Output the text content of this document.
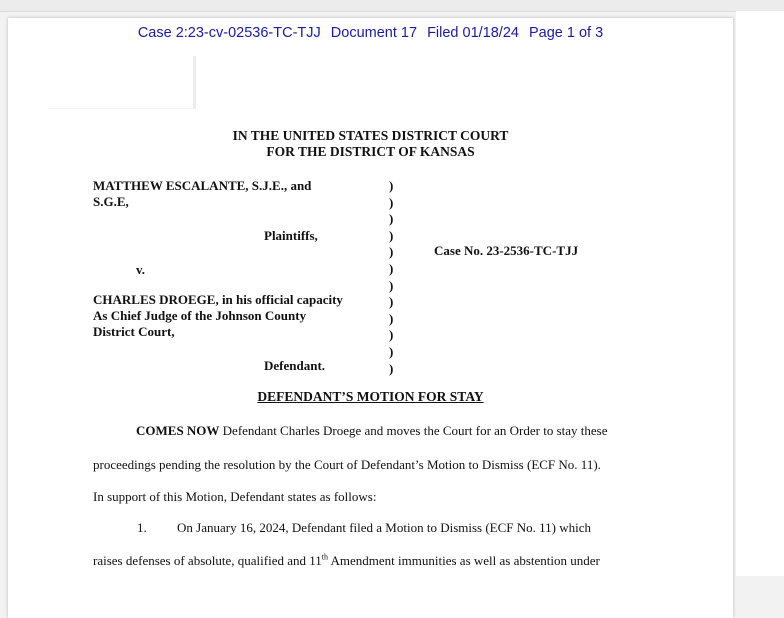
Case 2:23-cv-02536-TC-TJJ Document 17 Filed 01/18/24 Page 1 of 3
IN THE UNITED STATES DISTRICT COURT
FOR THE DISTRICT OF KANSAS
MATTHEW ESCALANTE, S.J.E., and
S.G.E,
Plaintiffs,
v.
CHARLES DROEGE, in his official capacity
As Chief Judge of the Johnson County
District Court,
Defendant.
)
)
)
)
)
)
)
)
)
)
)
)
Case No. 23-2536-TC-TJJ
DEFENDANT’S MOTION FOR STAY
COMES NOW Defendant Charles Droege and moves the Court for an Order to stay these
proceedings pending the resolution by the Court of Defendant’s Motion to Dismiss (ECF No. 11).
In support of this Motion, Defendant states as follows:
1. On January 16, 2024, Defendant filed a Motion to Dismiss (ECF No. 11) which
raises defenses of absolute, qualified and 11th Amendment immunities as well as abstention under
